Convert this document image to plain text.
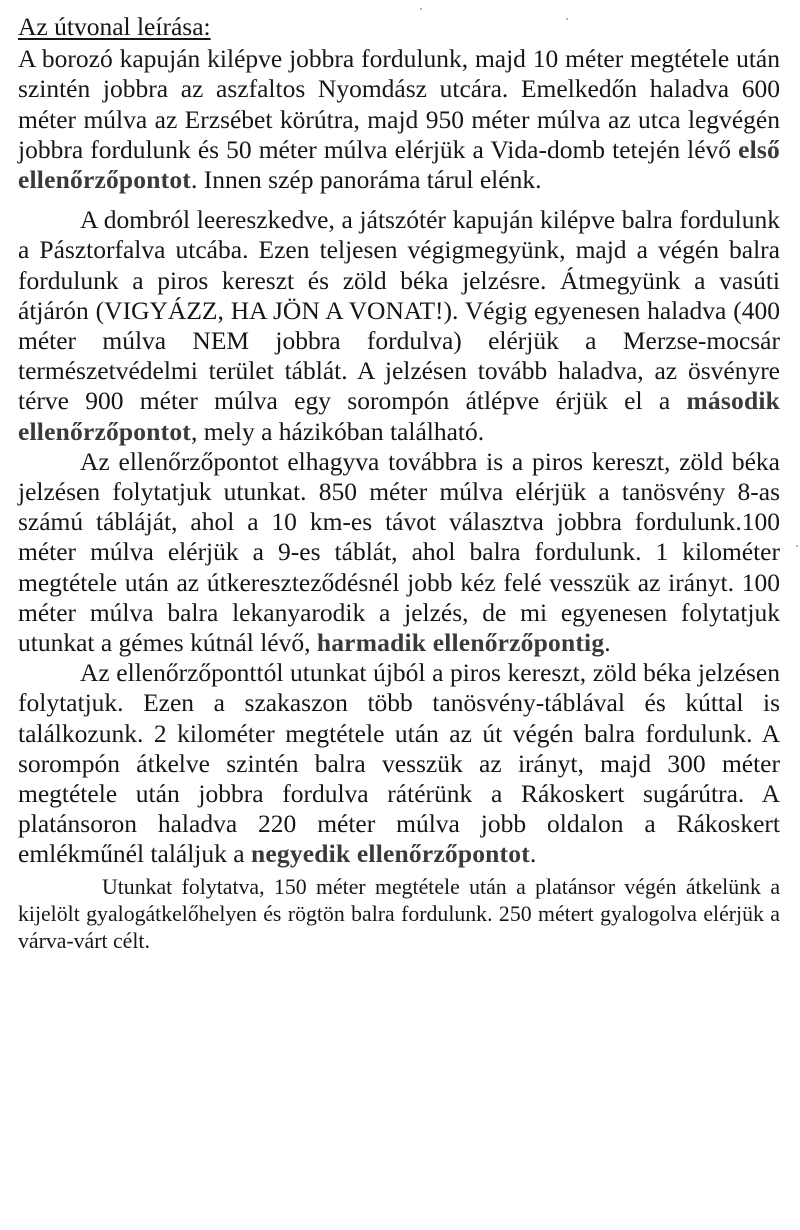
Az útvonal leírása:

A borozó kapuján kilépve jobbra fordulunk, majd 10 méter megtétele után szintén jobbra az aszfaltos Nyomdász utcára. Emelkedőn haladva 600 méter múlva az Erzsébet körútra, majd 950 méter múlva az utca legvégén jobbra fordulunk és 50 méter múlva elérjük a Vida-domb tetején lévő első ellenőrzőpontot. Innen szép panoráma tárul elénk.

A dombról leereszkedve, a játszótér kapuján kilépve balra fordulunk a Pásztorfalva utcába. Ezen teljesen végigmegyünk, majd a végén balra fordulunk a piros kereszt és zöld béka jelzésre. Átmegyünk a vasúti átjárón (VIGYÁZZ, HA JÖN A VONAT!). Végig egyenesen haladva (400 méter múlva NEM jobbra fordulva) elérjük a Merzse-mocsár természetvédelmi terület táblát. A jelzésen tovább haladva, az ösvényre térve 900 méter múlva egy sorompón átlépve érjük el a második ellenőrzőpontot, mely a házikóban található.

Az ellenőrzőpontot elhagyva továbbra is a piros kereszt, zöld béka jelzésen folytatjuk utunkat. 850 méter múlva elérjük a tanösvény 8-as számú tábláját, ahol a 10 km-es távot választva jobbra fordulunk.100 méter múlva elérjük a 9-es táblát, ahol balra fordulunk. 1 kilométer megtétele után az útkereszteződésnél jobb kéz felé vesszük az irányt. 100 méter múlva balra lekanyarodik a jelzés, de mi egyenesen folytatjuk utunkat a gémes kútnál lévő, harmadik ellenőrzőpontig.

Az ellenőrzőponttól utunkat újból a piros kereszt, zöld béka jelzésen folytatjuk. Ezen a szakaszon több tanösvény-táblával és kúttal is találkozunk. 2 kilométer megtétele után az út végén balra fordulunk. A sorompón átkelve szintén balra vesszük az irányt, majd 300 méter megtétele után jobbra fordulva rátérünk a Rákoskert sugárútra. A platánsoron haladva 220 méter múlva jobb oldalon a Rákoskert emlékműnél találjuk a negyedik ellenőrzőpontot.

Utunkat folytatva, 150 méter megtétele után a platánsor végén átkelünk a kijelölt gyalogátkelőhelyen és rögtön balra fordulunk. 250 métert gyalogolva elérjük a várva-várt célt.
